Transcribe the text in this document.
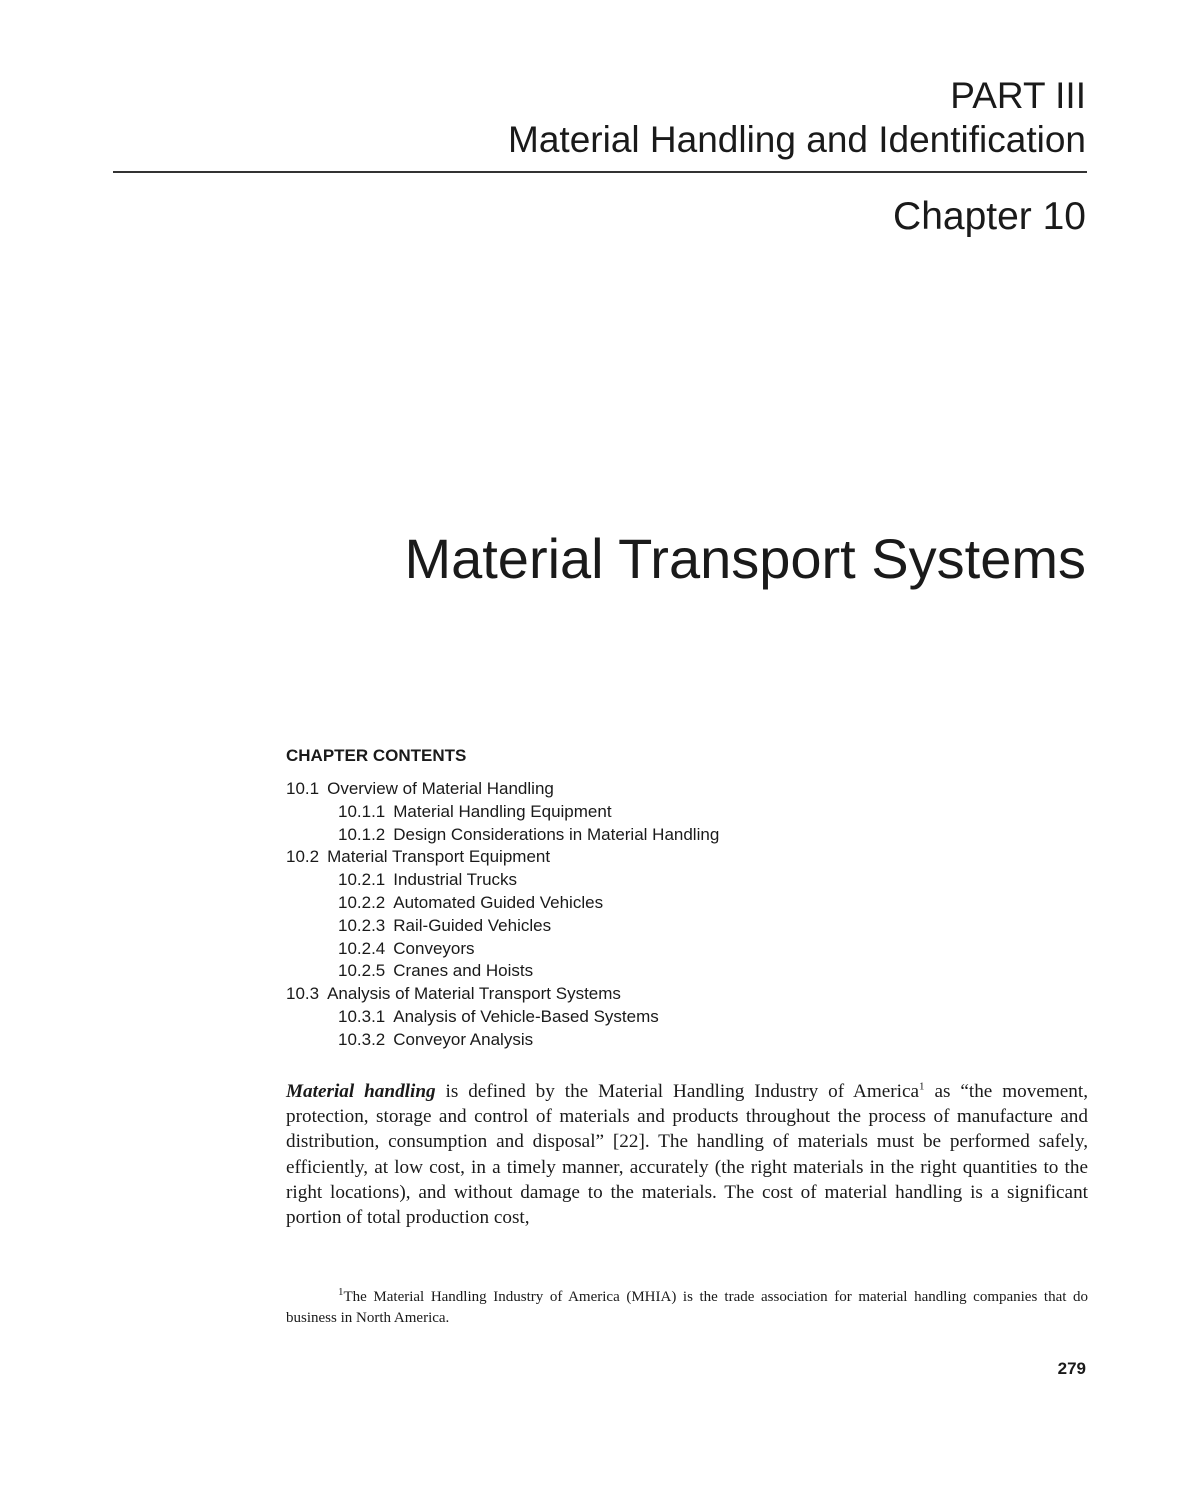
PART III
Material Handling and Identification
Chapter 10
Material Transport Systems
CHAPTER CONTENTS
10.1 Overview of Material Handling
10.1.1 Material Handling Equipment
10.1.2 Design Considerations in Material Handling
10.2 Material Transport Equipment
10.2.1 Industrial Trucks
10.2.2 Automated Guided Vehicles
10.2.3 Rail-Guided Vehicles
10.2.4 Conveyors
10.2.5 Cranes and Hoists
10.3 Analysis of Material Transport Systems
10.3.1 Analysis of Vehicle-Based Systems
10.3.2 Conveyor Analysis

Material handling is defined by the Material Handling Industry of America$^1$ as “the movement, protection, storage and control of materials and products throughout the process of manufacture and distribution, consumption and disposal” [22]. The handling of materials must be performed safely, efficiently, at low cost, in a timely manner, accurately (the right materials in the right quantities to the right locations), and without damage to the materials. The cost of material handling is a significant portion of total production cost,

$^1$The Material Handling Industry of America (MHIA) is the trade association for material handling companies that do business in North America.

279
